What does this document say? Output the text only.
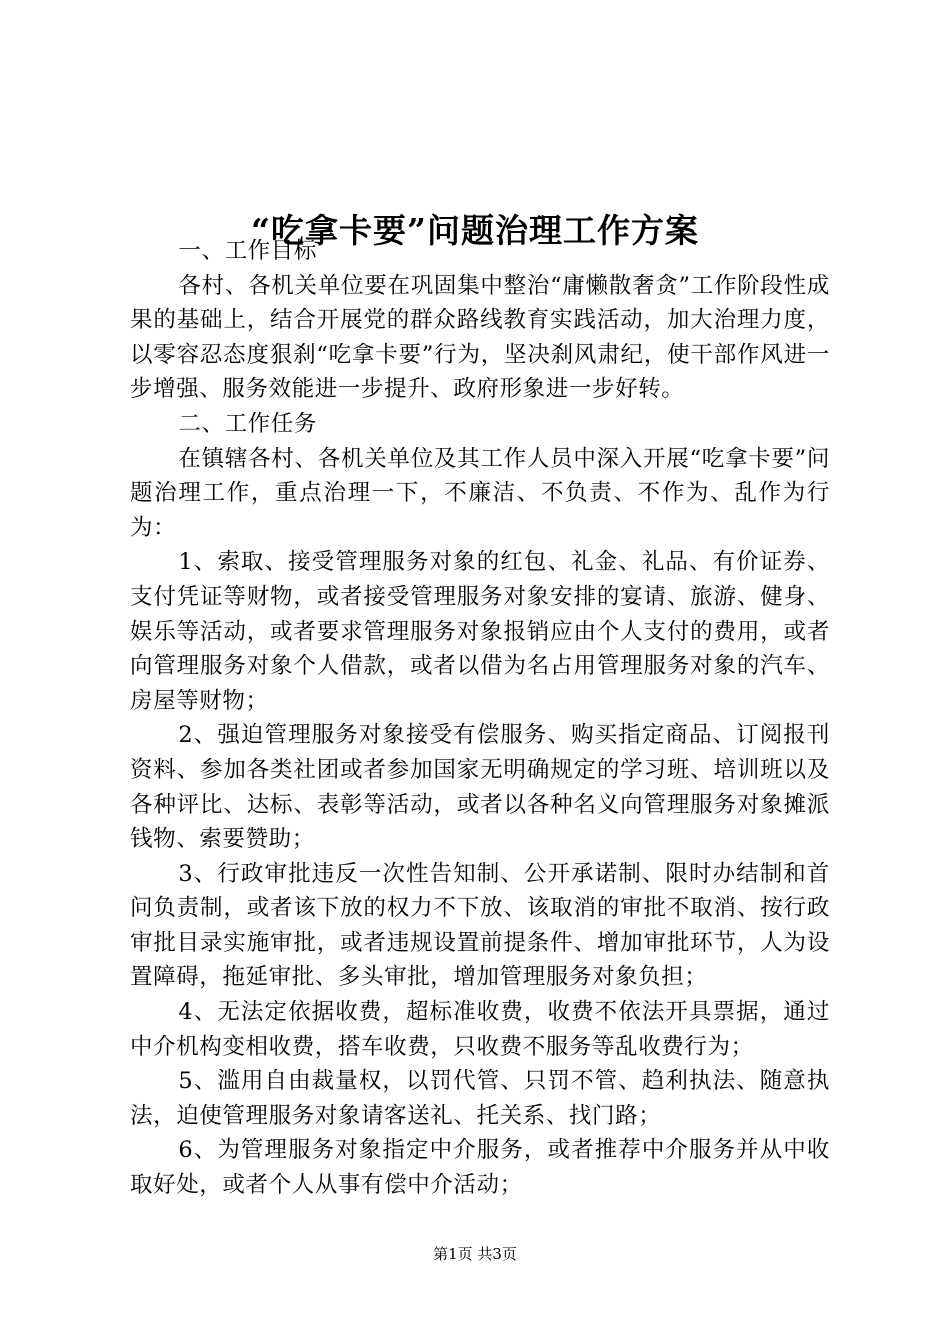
“吃拿卡要”问题治理工作方案

一、工作目标

各村、各机关单位要在巩固集中整治“庸懒散奢贪”工作阶段性成果的基础上，结合开展党的群众路线教育实践活动，加大治理力度，以零容忍态度狠刹“吃拿卡要”行为，坚决刹风肃纪，使干部作风进一步增强、服务效能进一步提升、政府形象进一步好转。

二、工作任务

在镇辖各村、各机关单位及其工作人员中深入开展“吃拿卡要”问题治理工作，重点治理一下，不廉洁、不负责、不作为、乱作为行为：

1、索取、接受管理服务对象的红包、礼金、礼品、有价证券、支付凭证等财物，或者接受管理服务对象安排的宴请、旅游、健身、娱乐等活动，或者要求管理服务对象报销应由个人支付的费用，或者向管理服务对象个人借款，或者以借为名占用管理服务对象的汽车、房屋等财物；

2、强迫管理服务对象接受有偿服务、购买指定商品、订阅报刊资料、参加各类社团或者参加国家无明确规定的学习班、培训班以及各种评比、达标、表彰等活动，或者以各种名义向管理服务对象摊派钱物、索要赞助；

3、行政审批违反一次性告知制、公开承诺制、限时办结制和首问负责制，或者该下放的权力不下放、该取消的审批不取消、按行政审批目录实施审批，或者违规设置前提条件、增加审批环节，人为设置障碍，拖延审批、多头审批，增加管理服务对象负担；

4、无法定依据收费，超标准收费，收费不依法开具票据，通过中介机构变相收费，搭车收费，只收费不服务等乱收费行为；

5、滥用自由裁量权，以罚代管、只罚不管、趋利执法、随意执法，迫使管理服务对象请客送礼、托关系、找门路；

6、为管理服务对象指定中介服务，或者推荐中介服务并从中收取好处，或者个人从事有偿中介活动；

第1页 共3页
